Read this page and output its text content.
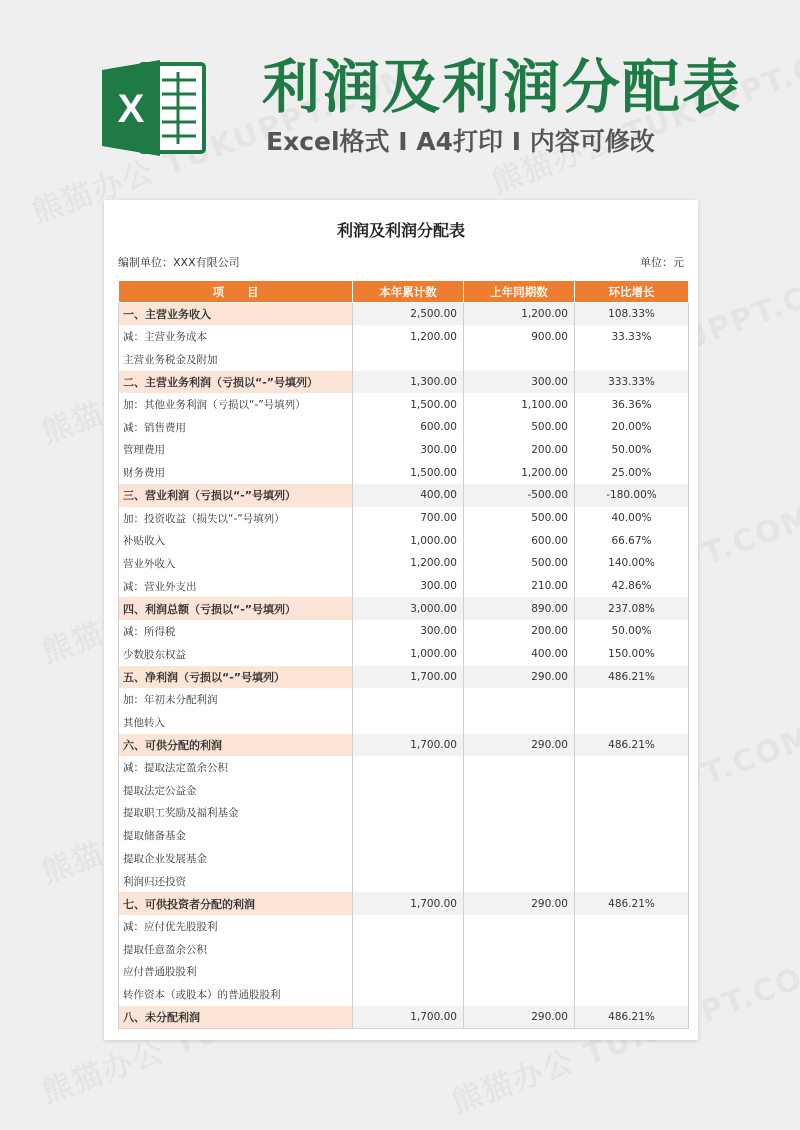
X 利润及利润分配表
Excel格式 Ⅰ A4打印 Ⅰ 内容可修改
利润及利润分配表
编制单位：XXX有限公司	单位：元
项　　目	本年累计数	上年同期数	环比增长
一、主营业务收入	2,500.00	1,200.00	108.33%
减：主营业务成本	1,200.00	900.00	33.33%
主营业务税金及附加			
二、主营业务利润（亏损以“-”号填列）	1,300.00	300.00	333.33%
加：其他业务利润（亏损以“-”号填列）	1,500.00	1,100.00	36.36%
减：销售费用	600.00	500.00	20.00%
管理费用	300.00	200.00	50.00%
财务费用	1,500.00	1,200.00	25.00%
三、营业利润（亏损以“-”号填列）	400.00	-500.00	-180.00%
加：投资收益（损失以“-”号填列）	700.00	500.00	40.00%
补贴收入	1,000.00	600.00	66.67%
营业外收入	1,200.00	500.00	140.00%
减：营业外支出	300.00	210.00	42.86%
四、利润总额（亏损以“-”号填列）	3,000.00	890.00	237.08%
减：所得税	300.00	200.00	50.00%
少数股东权益	1,000.00	400.00	150.00%
五、净利润（亏损以“-”号填列）	1,700.00	290.00	486.21%
加：年初未分配利润			
其他转入			
六、可供分配的利润	1,700.00	290.00	486.21%
减：提取法定盈余公积			
提取法定公益金			
提取职工奖励及福利基金			
提取储备基金			
提取企业发展基金			
利润归还投资			
七、可供投资者分配的利润	1,700.00	290.00	486.21%
减：应付优先股股利			
提取任意盈余公积			
应付普通股股利			
转作资本（或股本）的普通股股利			
八、未分配利润	1,700.00	290.00	486.21%
